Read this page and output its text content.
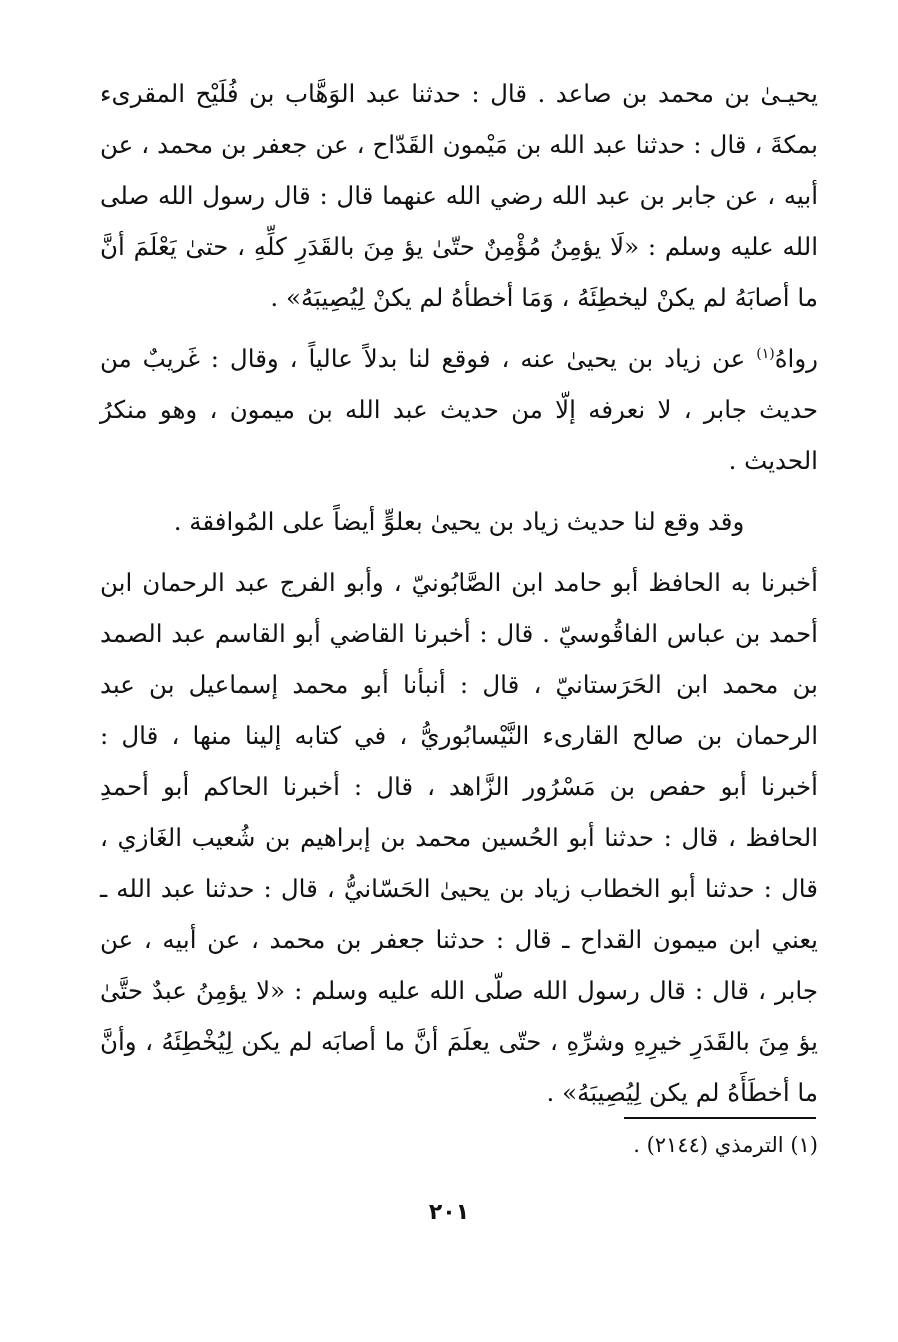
يحيـىٰ بن محمد بن صاعد . قال : حدثنا عبد الوَهَّاب بن فُلَيْح المقرىء بمكةَ ، قال : حدثنا عبد الله بن مَيْمون القَدّاح ، عن جعفر بن محمد ، عن أبيه ، عن جابر بن عبد الله رضي الله عنهما قال : قال رسول الله صلى الله عليه وسلم : «لَا يؤمِنُ مُؤْمِنٌ حتّىٰ يؤ مِنَ بالقَدَرِ كلِّهِ ، حتىٰ يَعْلَمَ أنَّ ما أصابَهُ لم يكنْ ليخطِئَهُ ، وَمَا أخطأهُ لم يكنْ لِيُصِيبَهُ» .

رواهُ$^{(١)}$ عن زياد بن يحيىٰ عنه ، فوقع لنا بدلاً عالياً ، وقال : غَريبٌ من حديث جابر ، لا نعرفه إلّا من حديث عبد الله بن ميمون ، وهو منكرُ الحديث .

وقد وقع لنا حديث زياد بن يحيىٰ بعلوٍّ أيضاً على المُوافقة .

أخبرنا به الحافظ أبو حامد ابن الصَّابُونيّ ، وأبو الفرج عبد الرحمان ابن أحمد بن عباس الفاقُوسيّ . قال : أخبرنا القاضي أبو القاسم عبد الصمد بن محمد ابن الحَرَستانيّ ، قال : أنبأنا أبو محمد إسماعيل بن عبد الرحمان بن صالح القارىء النَّيْسابُوريُّ ، في كتابه إلينا منها ، قال : أخبرنا أبو حفص بن مَسْرُور الزَّاهد ، قال : أخبرنا الحاكم أبو أحمدِ الحافظ ، قال : حدثنا أبو الحُسين محمد بن إبراهيم بن شُعيب الغَازي ، قال : حدثنا أبو الخطاب زياد بن يحيىٰ الحَسّانيُّ ، قال : حدثنا عبد الله ـ يعني ابن ميمون القداح ـ قال : حدثنا جعفر بن محمد ، عن أبيه ، عن جابر ، قال : قال رسول الله صلّى الله عليه وسلم : «لا يؤمِنُ عبدٌ حتَّىٰ يؤ مِنَ بالقَدَرِ خيرِهِ وشرِّهِ ، حتّى يعلَمَ أنَّ ما أصابَه لم يكن لِيُخْطِئَهُ ، وأنَّ ما أخطَأَهُ لم يكن لِيُصِيبَهُ» .

(١) الترمذي (٢١٤٤) .
٢٠١
